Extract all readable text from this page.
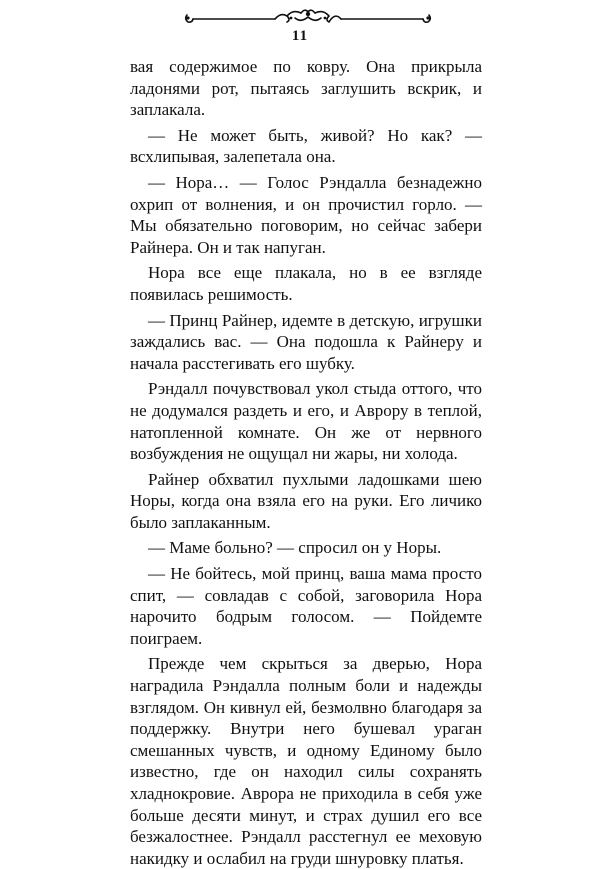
11

вая содержимое по ковру. Она прикрыла ладонями рот, пытаясь заглушить вскрик, и заплакала.

— Не может быть, живой? Но как? — всхлипывая, залепетала она.

— Нора… — Голос Рэндалла безнадежно охрип от волнения, и он прочистил горло. — Мы обязательно поговорим, но сейчас забери Райнера. Он и так напуган.

Нора все еще плакала, но в ее взгляде появилась решимость.

— Принц Райнер, идемте в детскую, игрушки заждались вас. — Она подошла к Райнеру и начала расстегивать его шубку.

Рэндалл почувствовал укол стыда оттого, что не додумался раздеть и его, и Аврору в теплой, натопленной комнате. Он же от нервного возбуждения не ощущал ни жары, ни холода.

Райнер обхватил пухлыми ладошками шею Норы, когда она взяла его на руки. Его личико было заплаканным.

— Маме больно? — спросил он у Норы.

— Не бойтесь, мой принц, ваша мама просто спит, — совладав с собой, заговорила Нора нарочито бодрым голосом. — Пойдемте поиграем.

Прежде чем скрыться за дверью, Нора наградила Рэндалла полным боли и надежды взглядом. Он кивнул ей, безмолвно благодаря за поддержку. Внутри него бушевал ураган смешанных чувств, и одному Единому было известно, где он находил силы сохранять хладнокровие. Аврора не приходила в себя уже больше десяти минут, и страх душил его все безжалостнее. Рэндалл расстегнул ее меховую накидку и ослабил на груди шнуровку платья.
